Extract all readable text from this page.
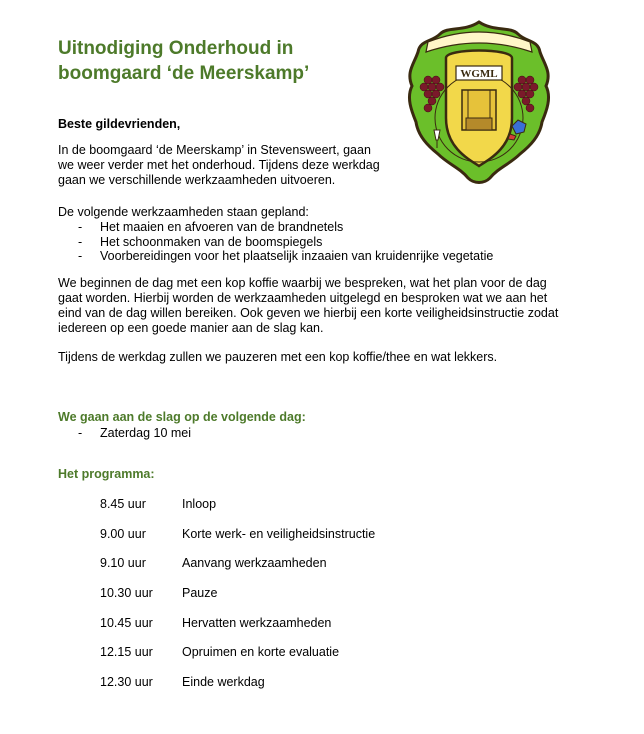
Uitnodiging Onderhoud in boomgaard ‘de Meerskamp’	WGML

Beste gildevrienden,

In de boomgaard ‘de Meerskamp’ in Stevensweert, gaan
we weer verder met het onderhoud. Tijdens deze werkdag
gaan we verschillende werkzaamheden uitvoeren.

De volgende werkzaamheden staan gepland:

- Het maaien en afvoeren van de brandnetels
- Het schoonmaken van de boomspiegels
- Voorbereidingen voor het plaatselijk inzaaien van kruidenrijke vegetatie
We beginnen de dag met een kop koffie waarbij we bespreken, wat het plan voor de dag
gaat worden. Hierbij worden de werkzaamheden uitgelegd en besproken wat we aan het
eind van de dag willen bereiken. Ook geven we hierbij een korte veiligheidsinstructie zodat
iedereen op een goede manier aan de slag kan.

Tijdens de werkdag zullen we pauzeren met een kop koffie/thee en wat lekkers.

We gaan aan de slag op de volgende dag:

- Zaterdag 10 mei

Het programma:

8.45 uur	Inloop
9.00 uur	Korte werk- en veiligheidsinstructie
9.10 uur	Aanvang werkzaamheden
10.30 uur	Pauze
10.45 uur	Hervatten werkzaamheden
12.15 uur	Opruimen en korte evaluatie
12.30 uur	Einde werkdag
